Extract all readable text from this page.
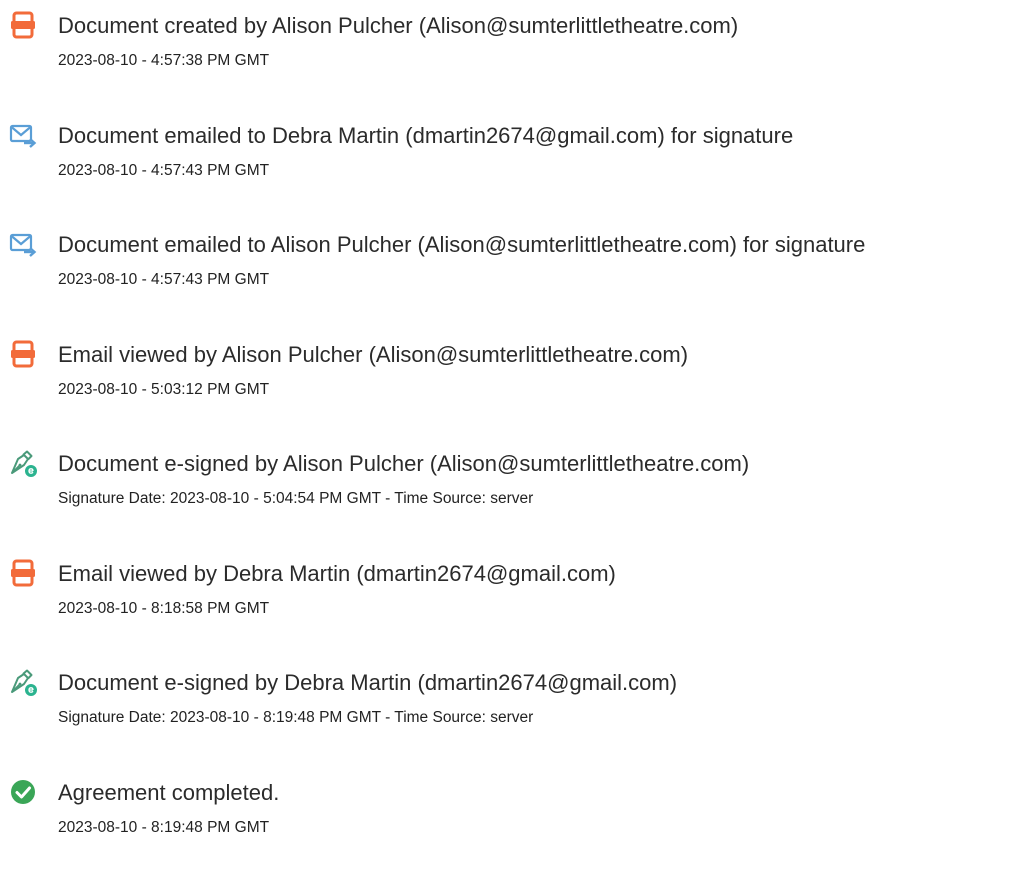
Document created by Alison Pulcher (Alison@sumterlittletheatre.com)
2023-08-10 - 4:57:38 PM GMT
Document emailed to Debra Martin (dmartin2674@gmail.com) for signature
2023-08-10 - 4:57:43 PM GMT
Document emailed to Alison Pulcher (Alison@sumterlittletheatre.com) for signature
2023-08-10 - 4:57:43 PM GMT
Email viewed by Alison Pulcher (Alison@sumterlittletheatre.com)
2023-08-10 - 5:03:12 PM GMT
Document e-signed by Alison Pulcher (Alison@sumterlittletheatre.com)
Signature Date: 2023-08-10 - 5:04:54 PM GMT - Time Source: server
Email viewed by Debra Martin (dmartin2674@gmail.com)
2023-08-10 - 8:18:58 PM GMT
Document e-signed by Debra Martin (dmartin2674@gmail.com)
Signature Date: 2023-08-10 - 8:19:48 PM GMT - Time Source: server
Agreement completed.
2023-08-10 - 8:19:48 PM GMT
